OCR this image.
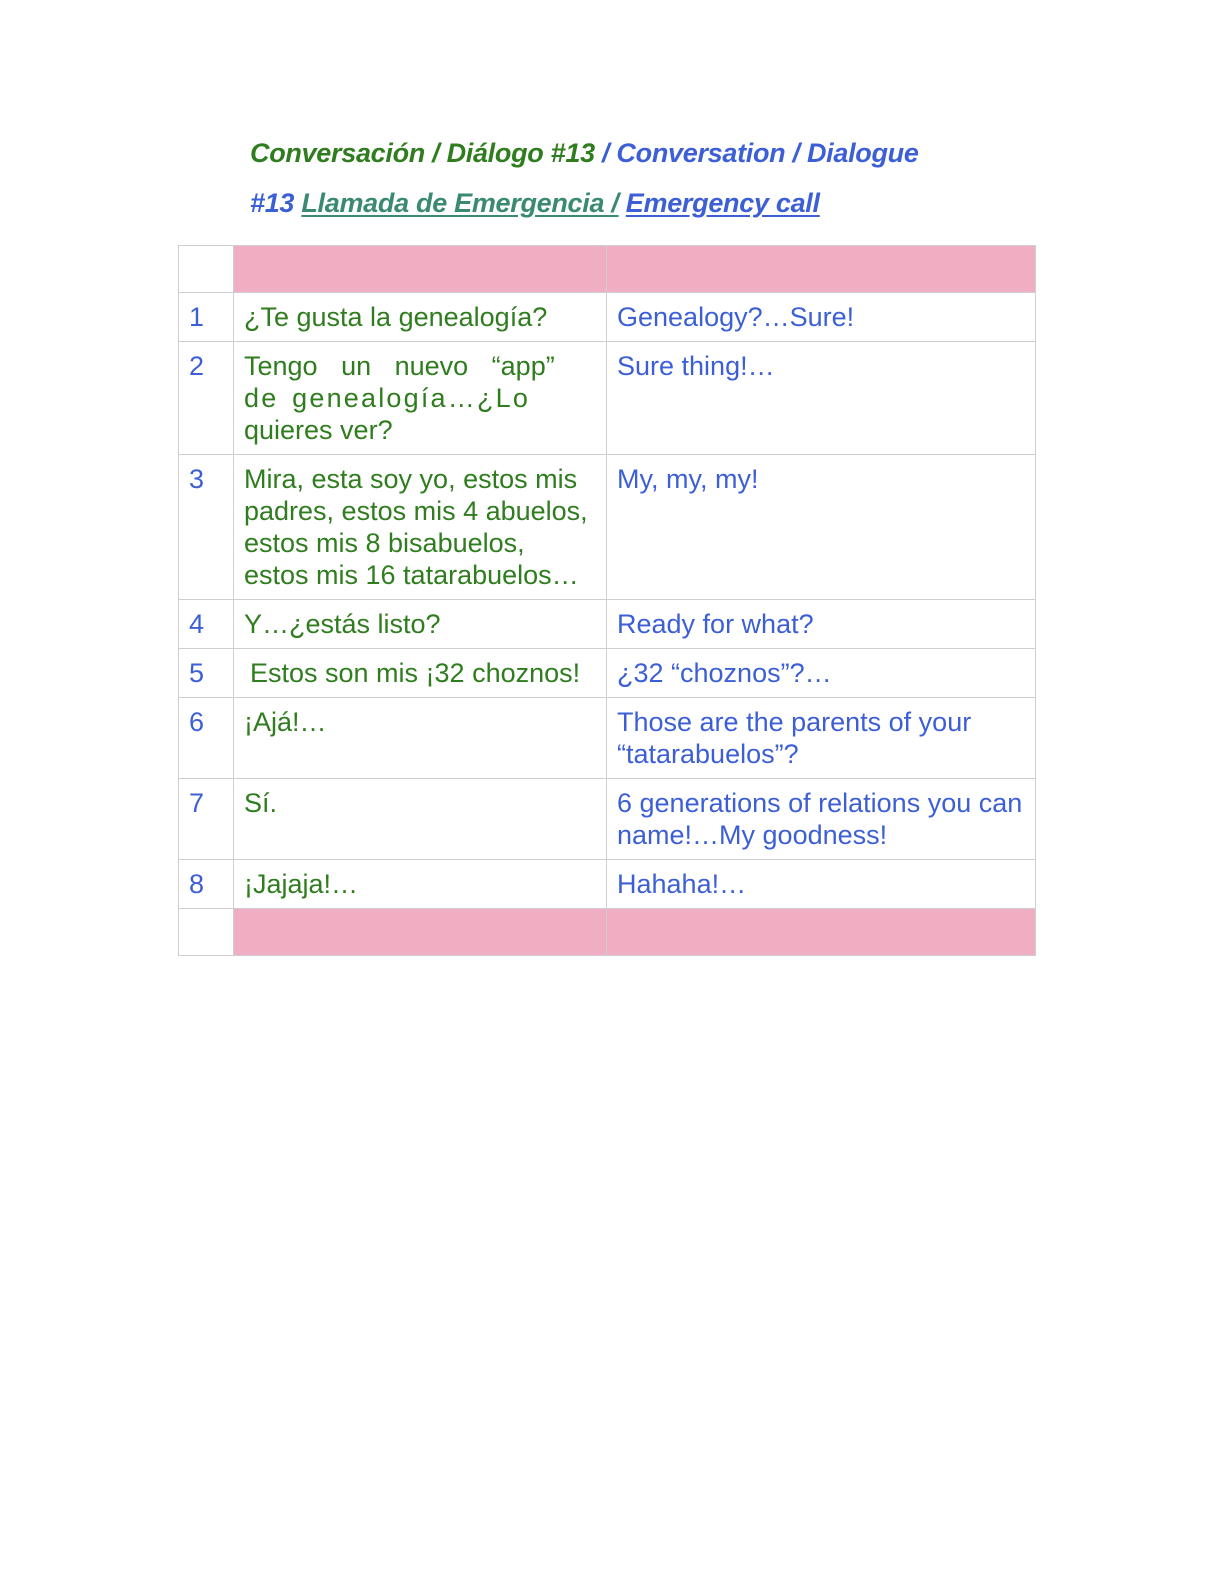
Conversación / Diálogo #13 / Conversation / Dialogue
#13 Llamada de Emergencia / Emergency call

1	¿Te gusta la genealogía?	Genealogy?…Sure!
2	Tengo un nuevo “app”
de genealogía…¿Lo
quieres ver?	Sure thing!…
3	Mira, esta soy yo, estos mis padres, estos mis 4 abuelos, estos mis 8 bisabuelos, estos mis 16 tatarabuelos…	My, my, my!
4	Y…¿estás listo?	Ready for what?
5	Estos son mis ¡32 choznos!	¿32 “choznos”?…
6	¡Ajá!…	Those are the parents of your “tatarabuelos”?
7	Sí.	6 generations of relations you can name!…My goodness!
8	¡Jajaja!…	Hahaha!…
